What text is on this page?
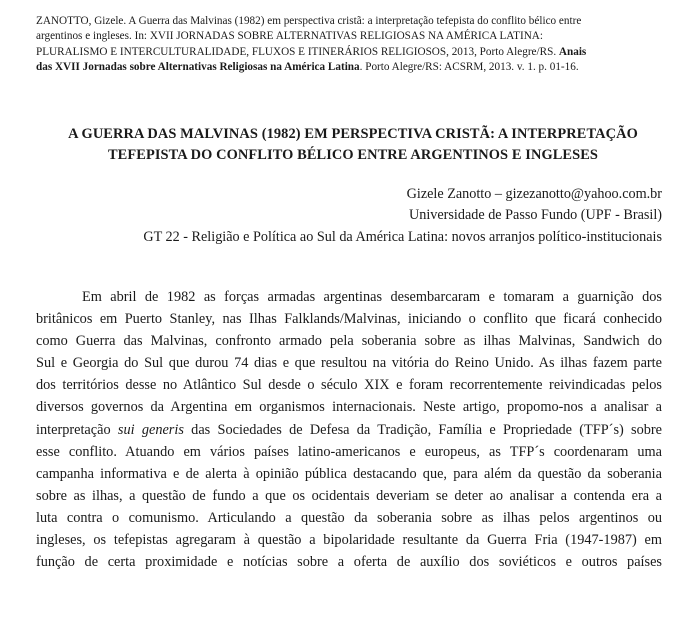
ZANOTTO, Gizele. A Guerra das Malvinas (1982) em perspectiva cristã: a interpretação tefepista do conflito bélico entre
argentinos e ingleses. In: XVII JORNADAS SOBRE ALTERNATIVAS RELIGIOSAS NA AMÉRICA LATINA:
PLURALISMO E INTERCULTURALIDADE, FLUXOS E ITINERÁRIOS RELIGIOSOS, 2013, Porto Alegre/RS. Anais
das XVII Jornadas sobre Alternativas Religiosas na América Latina. Porto Alegre/RS: ACSRM, 2013. v. 1. p. 01-16.
A GUERRA DAS MALVINAS (1982) EM PERSPECTIVA CRISTÃ: A INTERPRETAÇÃO
TEFEPISTA DO CONFLITO BÉLICO ENTRE ARGENTINOS E INGLESES
Gizele Zanotto – gizezanotto@yahoo.com.br
Universidade de Passo Fundo (UPF - Brasil)
GT 22 - Religião e Política ao Sul da América Latina: novos arranjos político-institucionais
Em abril de 1982 as forças armadas argentinas desembarcaram e tomaram a guarnição dos
britânicos em Puerto Stanley, nas Ilhas Falklands/Malvinas, iniciando o conflito que ficará conhecido
como Guerra das Malvinas, confronto armado pela soberania sobre as ilhas Malvinas, Sandwich do
Sul e Georgia do Sul que durou 74 dias e que resultou na vitória do Reino Unido. As ilhas fazem parte
dos territórios desse no Atlântico Sul desde o século XIX e foram recorrentemente reivindicadas pelos
diversos governos da Argentina em organismos internacionais. Neste artigo, propomo-nos a analisar a
interpretação sui generis das Sociedades de Defesa da Tradição, Família e Propriedade (TFP´s) sobre
esse conflito. Atuando em vários países latino-americanos e europeus, as TFP´s coordenaram uma
campanha informativa e de alerta à opinião pública destacando que, para além da questão da soberania
sobre as ilhas, a questão de fundo a que os ocidentais deveriam se deter ao analisar a contenda era a
luta contra o comunismo. Articulando a questão da soberania sobre as ilhas pelos argentinos ou
ingleses, os tefepistas agregaram à questão a bipolaridade resultante da Guerra Fria (1947-1987) em
função de certa proximidade e notícias sobre a oferta de auxílio dos soviéticos e outros países
